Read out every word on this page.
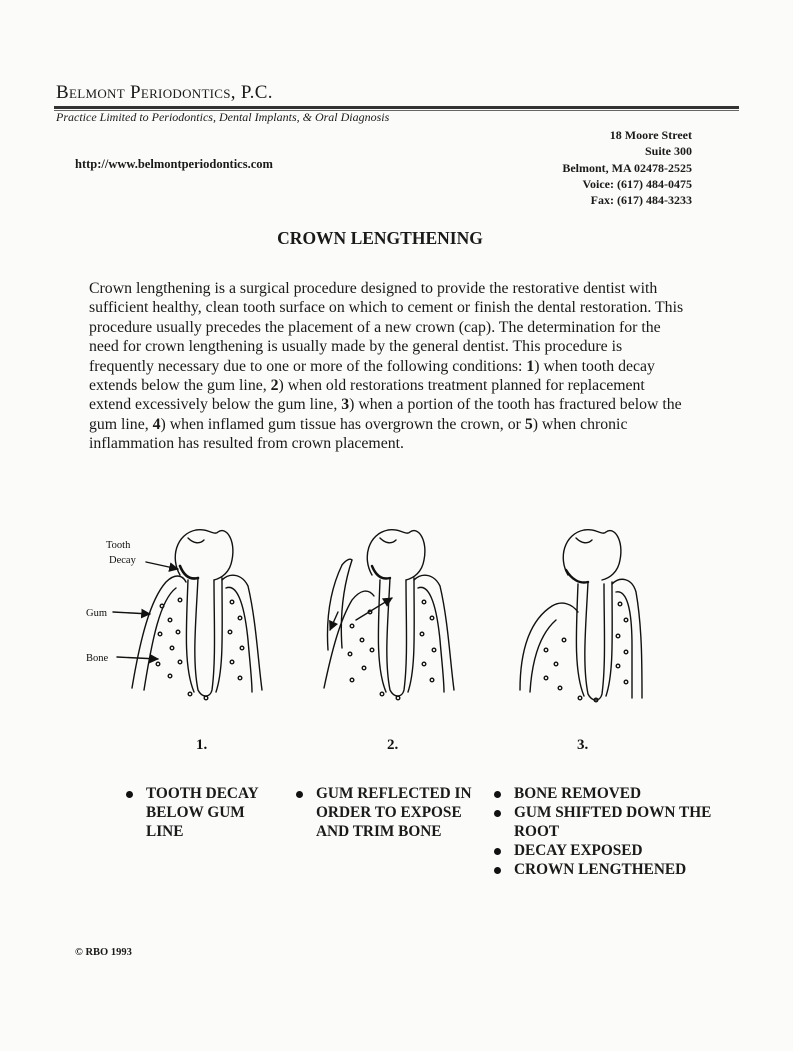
Belmont Periodontics, P.C.
Practice Limited to Periodontics, Dental Implants, & Oral Diagnosis
http://www.belmontperiodontics.com
18 Moore Street
Suite 300
Belmont, MA 02478-2525
Voice: (617) 484-0475
Fax: (617) 484-3233
CROWN LENGTHENING

Crown lengthening is a surgical procedure designed to provide the restorative dentist with sufficient healthy, clean tooth surface on which to cement or finish the dental restoration. This procedure usually precedes the placement of a new crown (cap). The determination for the need for crown lengthening is usually made by the general dentist. This procedure is frequently necessary due to one or more of the following conditions: 1) when tooth decay extends below the gum line, 2) when old restorations treatment planned for replacement extend excessively below the gum line, 3) when a portion of the tooth has fractured below the gum line, 4) when inflamed gum tissue has overgrown the crown, or 5) when chronic inflammation has resulted from crown placement.

Tooth
Decay
Gum
Bone
1.	2.	3.
TOOTH DECAY BELOW GUM LINE
GUM REFLECTED IN ORDER TO EXPOSE AND TRIM BONE
BONE REMOVED
GUM SHIFTED DOWN THE ROOT
DECAY EXPOSED
CROWN LENGTHENED
© RBO 1993
